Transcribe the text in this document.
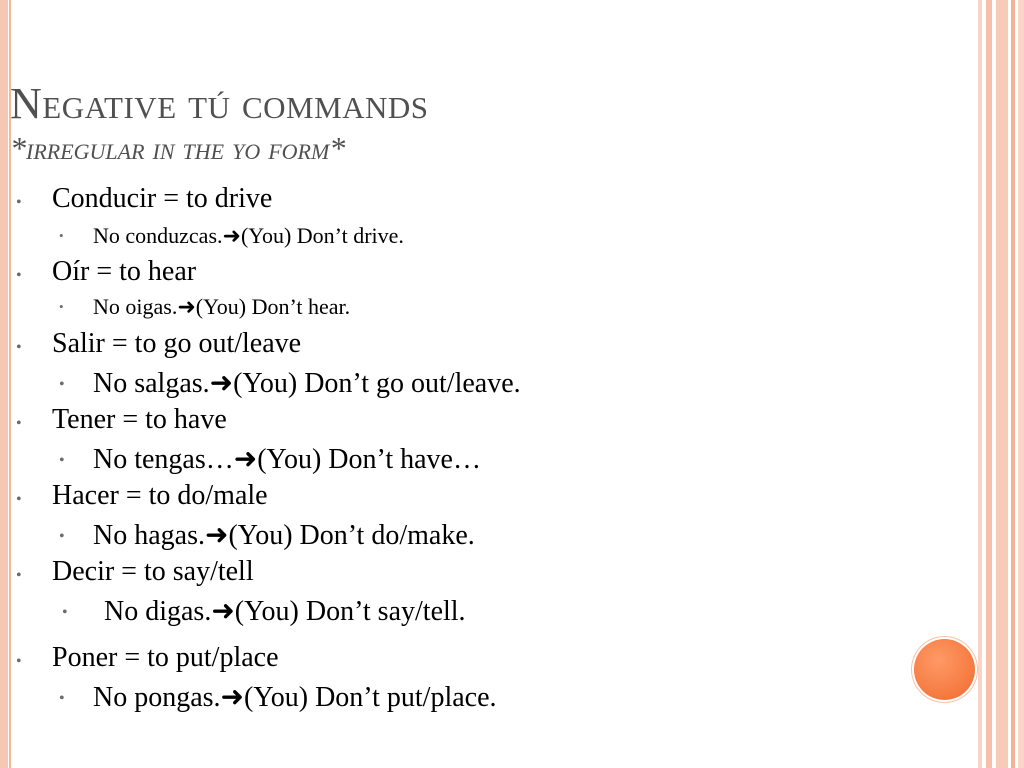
Negative tú commands
*irregular in the yo form*
• Conducir = to drive
• No conduzcas.➜(You) Don’t drive.
• Oír = to hear
• No oigas.➜(You) Don’t hear.
• Salir = to go out/leave
• No salgas.➜(You) Don’t go out/leave.
• Tener = to have
• No tengas…➜(You) Don’t have…
• Hacer = to do/male
• No hagas.➜(You) Don’t do/make.
• Decir = to say/tell
• No digas.➜(You) Don’t say/tell.
• Poner = to put/place
• No pongas.➜(You) Don’t put/place.
